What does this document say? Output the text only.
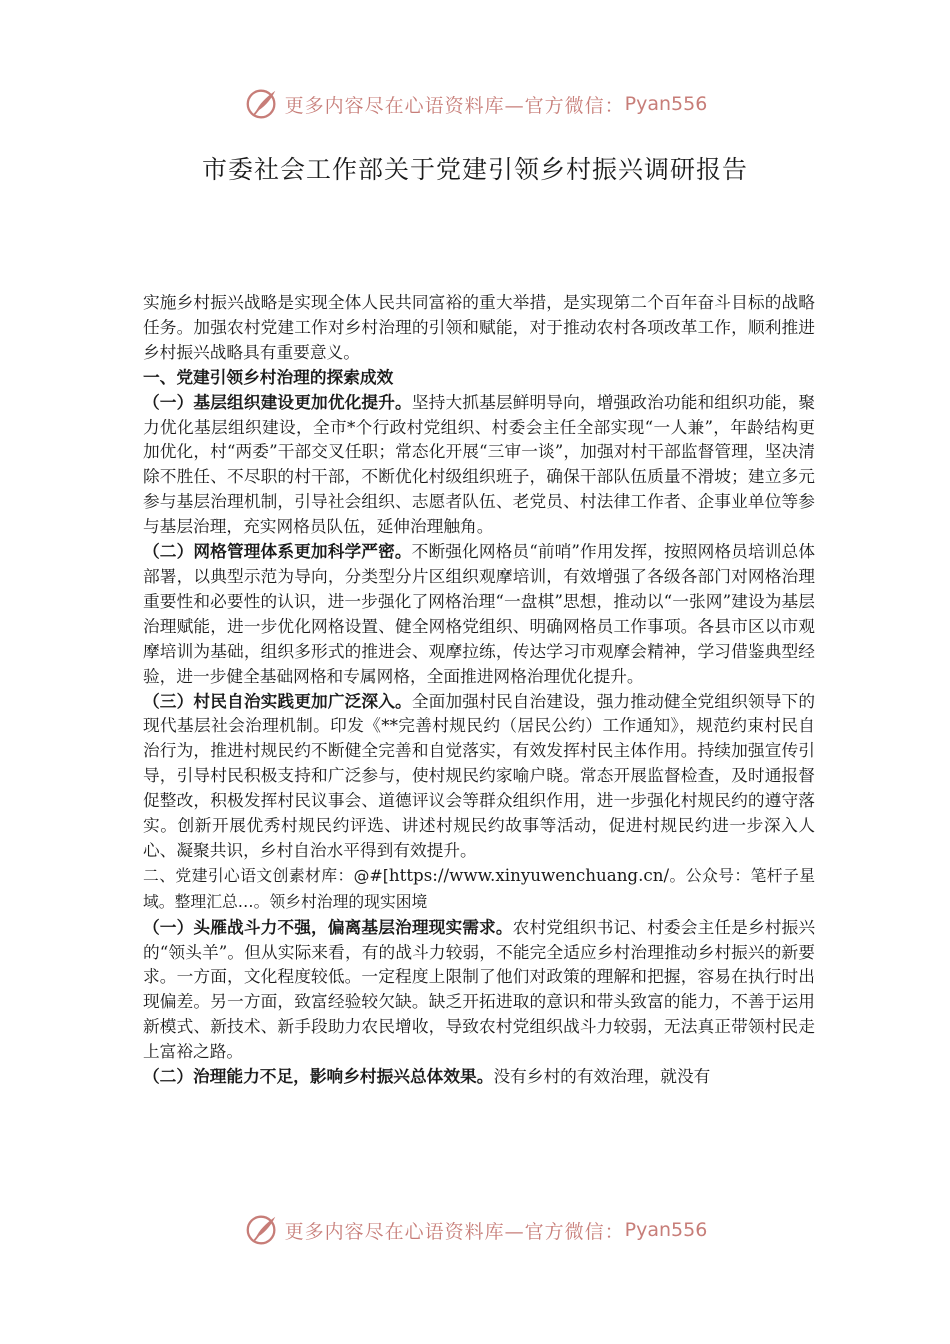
更多内容尽在心语资料库—官方微信： Pyan556
市委社会工作部关于党建引领乡村振兴调研报告

实施乡村振兴战略是实现全体人民共同富裕的重大举措，是实现第二个百年奋斗目标的战略任务。加强农村党建工作对乡村治理的引领和赋能，对于推动农村各项改革工作，顺利推进乡村振兴战略具有重要意义。

一、党建引领乡村治理的探索成效

（一）基层组织建设更加优化提升。坚持大抓基层鲜明导向，增强政治功能和组织功能，聚力优化基层组织建设，全市*个行政村党组织、村委会主任全部实现“一人兼”，年龄结构更加优化，村“两委”干部交叉任职；常态化开展“三审一谈”，加强对村干部监督管理，坚决清除不胜任、不尽职的村干部，不断优化村级组织班子，确保干部队伍质量不滑坡；建立多元参与基层治理机制，引导社会组织、志愿者队伍、老党员、村法律工作者、企事业单位等参与基层治理，充实网格员队伍，延伸治理触角。

（二）网格管理体系更加科学严密。不断强化网格员“前哨”作用发挥，按照网格员培训总体部署，以典型示范为导向，分类型分片区组织观摩培训，有效增强了各级各部门对网格治理重要性和必要性的认识，进一步强化了网格治理“一盘棋”思想，推动以“一张网”建设为基层治理赋能，进一步优化网格设置、健全网格党组织、明确网格员工作事项。各县市区以市观摩培训为基础，组织多形式的推进会、观摩拉练，传达学习市观摩会精神，学习借鉴典型经验，进一步健全基础网格和专属网格，全面推进网格治理优化提升。

（三）村民自治实践更加广泛深入。全面加强村民自治建设，强力推动健全党组织领导下的现代基层社会治理机制。印发《**完善村规民约（居民公约）工作通知》，规范约束村民自治行为，推进村规民约不断健全完善和自觉落实，有效发挥村民主体作用。持续加强宣传引导，引导村民积极支持和广泛参与，使村规民约家喻户晓。常态开展监督检查，及时通报督促整改，积极发挥村民议事会、道德评议会等群众组织作用，进一步强化村规民约的遵守落实。创新开展优秀村规民约评选、讲述村规民约故事等活动，促进村规民约进一步深入人心、凝聚共识，乡村自治水平得到有效提升。

二、党建引心语文创素材库：@#[https://www.xinyuwenchuang.cn/。公众号：笔杆子星域。整理汇总…。领乡村治理的现实困境

（一）头雁战斗力不强，偏离基层治理现实需求。农村党组织书记、村委会主任是乡村振兴的“领头羊”。但从实际来看，有的战斗力较弱，不能完全适应乡村治理推动乡村振兴的新要求。一方面，文化程度较低。一定程度上限制了他们对政策的理解和把握，容易在执行时出现偏差。另一方面，致富经验较欠缺。缺乏开拓进取的意识和带头致富的能力，不善于运用新模式、新技术、新手段助力农民增收，导致农村党组织战斗力较弱，无法真正带领村民走上富裕之路。

（二）治理能力不足，影响乡村振兴总体效果。没有乡村的有效治理，就没有

更多内容尽在心语资料库—官方微信： Pyan556
